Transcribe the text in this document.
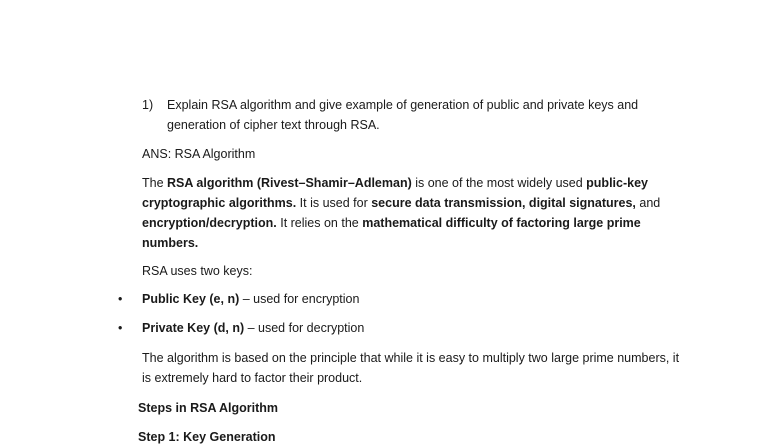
1) Explain RSA algorithm and give example of generation of public and private keys and generation of cipher text through RSA.
ANS: RSA Algorithm
The RSA algorithm (Rivest–Shamir–Adleman) is one of the most widely used public-key cryptographic algorithms. It is used for secure data transmission, digital signatures, and encryption/decryption. It relies on the mathematical difficulty of factoring large prime numbers.
RSA uses two keys:
• Public Key (e, n) – used for encryption
• Private Key (d, n) – used for decryption
The algorithm is based on the principle that while it is easy to multiply two large prime numbers, it is extremely hard to factor their product.
Steps in RSA Algorithm
Step 1: Key Generation
